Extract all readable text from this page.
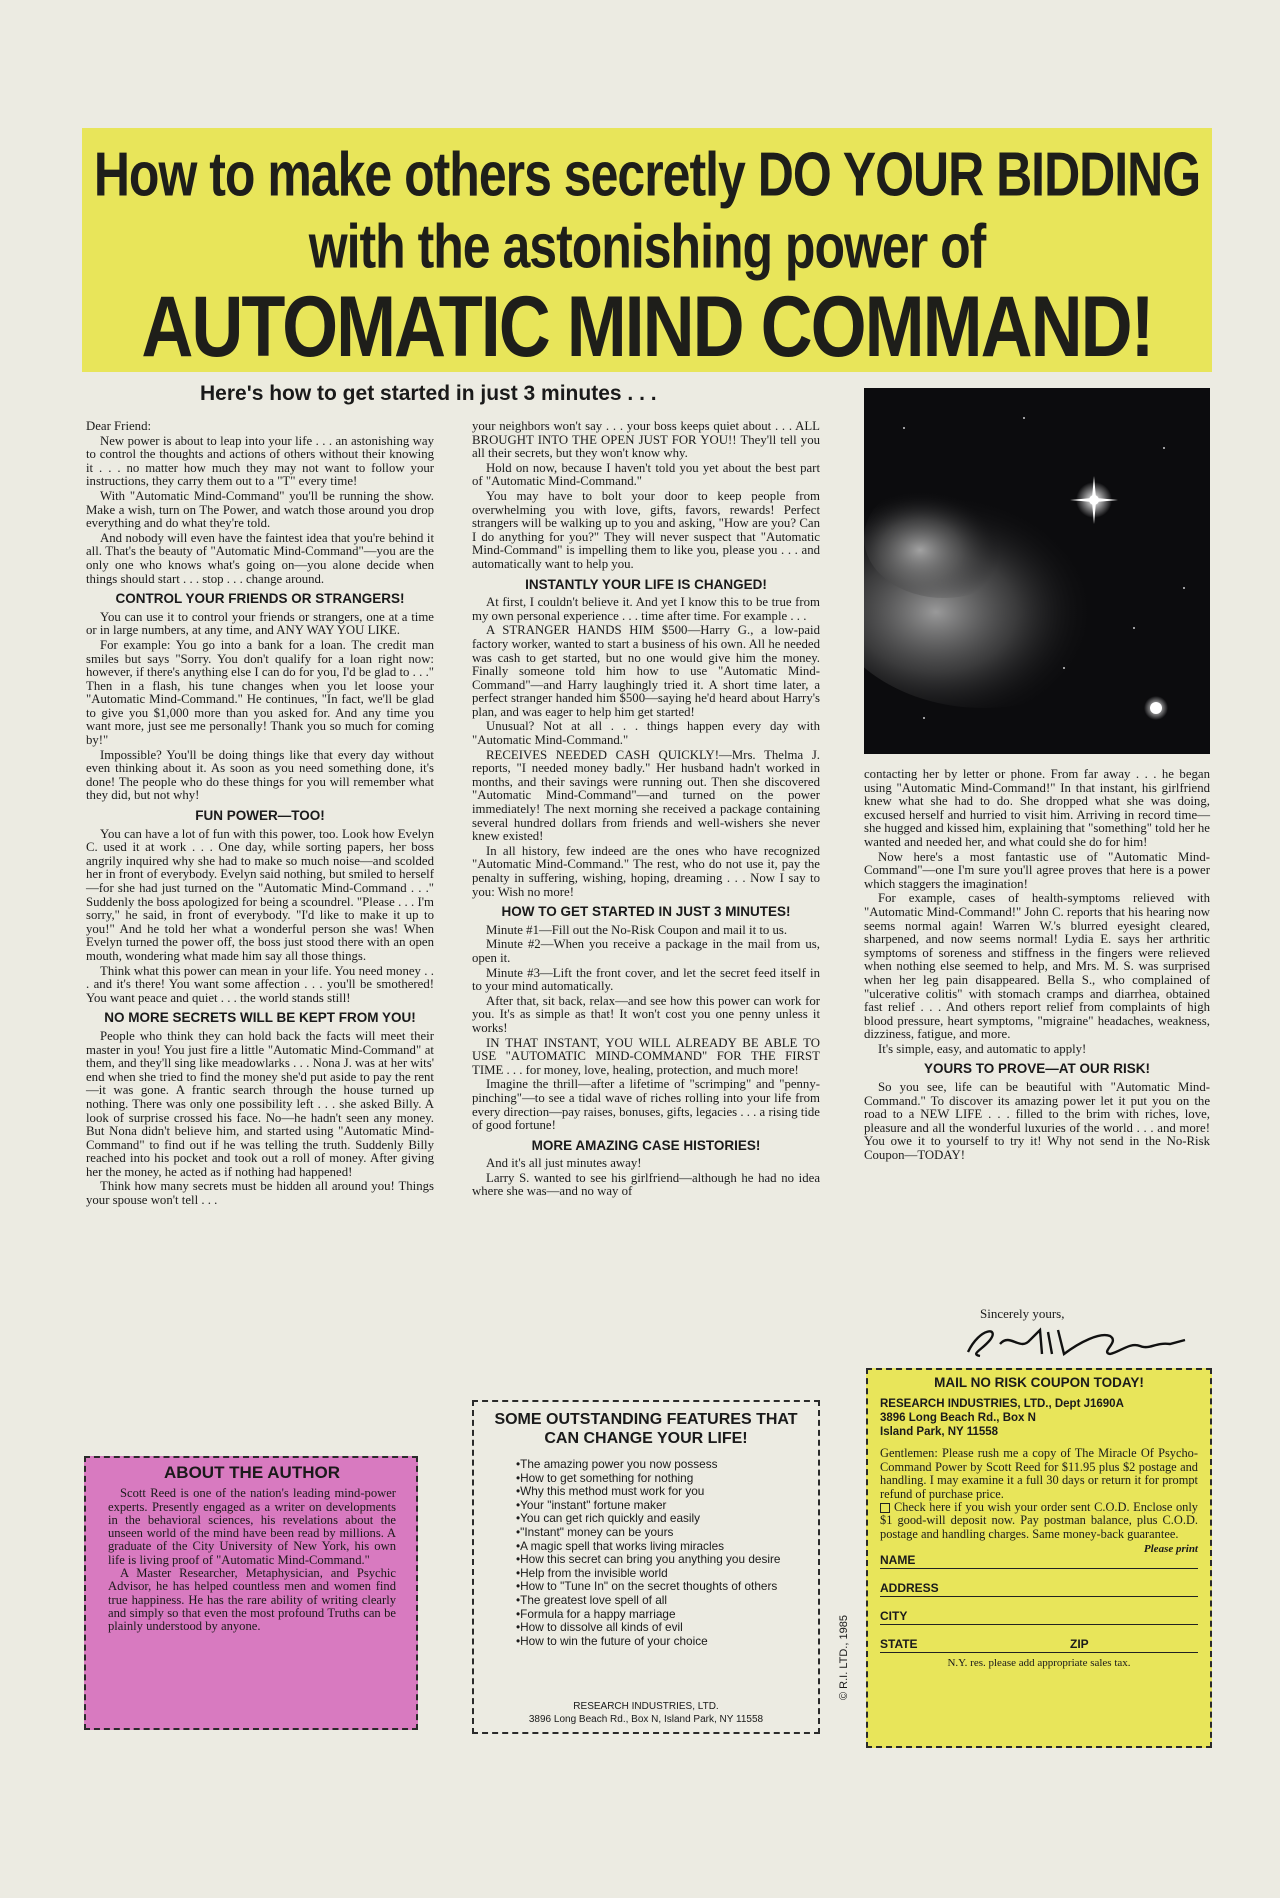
How to make others secretly DO YOUR BIDDING
with the astonishing power of
AUTOMATIC MIND COMMAND!
Here's how to get started in just 3 minutes . . .

Dear Friend:

New power is about to leap into your life . . . an astonishing way to control the thoughts and actions of others without their knowing it . . . no matter how much they may not want to follow your instructions, they carry them out to a "T" every time!

With "Automatic Mind-Command" you'll be running the show. Make a wish, turn on The Power, and watch those around you drop everything and do what they're told.

And nobody will even have the faintest idea that you're behind it all. That's the beauty of "Automatic Mind-Command"—you are the only one who knows what's going on—you alone decide when things should start . . . stop . . . change around.

CONTROL YOUR FRIENDS OR STRANGERS!

You can use it to control your friends or strangers, one at a time or in large numbers, at any time, and ANY WAY YOU LIKE.

For example: You go into a bank for a loan. The credit man smiles but says "Sorry. You don't qualify for a loan right now: however, if there's anything else I can do for you, I'd be glad to . . ." Then in a flash, his tune changes when you let loose your "Automatic Mind-Command." He continues, "In fact, we'll be glad to give you $1,000 more than you asked for. And any time you want more, just see me personally! Thank you so much for coming by!"

Impossible? You'll be doing things like that every day without even thinking about it. As soon as you need something done, it's done! The people who do these things for you will remember what they did, but not why!

FUN POWER—TOO!

You can have a lot of fun with this power, too. Look how Evelyn C. used it at work . . . One day, while sorting papers, her boss angrily inquired why she had to make so much noise—and scolded her in front of everybody. Evelyn said nothing, but smiled to herself—for she had just turned on the "Automatic Mind-Command . . ." Suddenly the boss apologized for being a scoundrel. "Please . . . I'm sorry," he said, in front of everybody. "I'd like to make it up to you!" And he told her what a wonderful person she was! When Evelyn turned the power off, the boss just stood there with an open mouth, wondering what made him say all those things.

Think what this power can mean in your life. You need money . . . and it's there! You want some affection . . . you'll be smothered! You want peace and quiet . . . the world stands still!

NO MORE SECRETS WILL BE KEPT FROM YOU!

People who think they can hold back the facts will meet their master in you! You just fire a little "Automatic Mind-Command" at them, and they'll sing like meadowlarks . . . Nona J. was at her wits' end when she tried to find the money she'd put aside to pay the rent—it was gone. A frantic search through the house turned up nothing. There was only one possibility left . . . she asked Billy. A look of surprise crossed his face. No—he hadn't seen any money. But Nona didn't believe him, and started using "Automatic Mind-Command" to find out if he was telling the truth. Suddenly Billy reached into his pocket and took out a roll of money. After giving her the money, he acted as if nothing had happened!

Think how many secrets must be hidden all around you! Things your spouse won't tell . . .

your neighbors won't say . . . your boss keeps quiet about . . . ALL BROUGHT INTO THE OPEN JUST FOR YOU!! They'll tell you all their secrets, but they won't know why.

Hold on now, because I haven't told you yet about the best part of "Automatic Mind-Command."

You may have to bolt your door to keep people from overwhelming you with love, gifts, favors, rewards! Perfect strangers will be walking up to you and asking, "How are you? Can I do anything for you?" They will never suspect that "Automatic Mind-Command" is impelling them to like you, please you . . . and automatically want to help you.

INSTANTLY YOUR LIFE IS CHANGED!

At first, I couldn't believe it. And yet I know this to be true from my own personal experience . . . time after time. For example . . .

A STRANGER HANDS HIM $500—Harry G., a low-paid factory worker, wanted to start a business of his own. All he needed was cash to get started, but no one would give him the money. Finally someone told him how to use "Automatic Mind-Command"—and Harry laughingly tried it. A short time later, a perfect stranger handed him $500—saying he'd heard about Harry's plan, and was eager to help him get started!

Unusual? Not at all . . . things happen every day with "Automatic Mind-Command."

RECEIVES NEEDED CASH QUICKLY!—Mrs. Thelma J. reports, "I needed money badly." Her husband hadn't worked in months, and their savings were running out. Then she discovered "Automatic Mind-Command"—and turned on the power immediately! The next morning she received a package containing several hundred dollars from friends and well-wishers she never knew existed!

In all history, few indeed are the ones who have recognized "Automatic Mind-Command." The rest, who do not use it, pay the penalty in suffering, wishing, hoping, dreaming . . . Now I say to you: Wish no more!

HOW TO GET STARTED IN JUST 3 MINUTES!

Minute #1—Fill out the No-Risk Coupon and mail it to us.

Minute #2—When you receive a package in the mail from us, open it.

Minute #3—Lift the front cover, and let the secret feed itself in to your mind automatically.

After that, sit back, relax—and see how this power can work for you. It's as simple as that! It won't cost you one penny unless it works!

IN THAT INSTANT, YOU WILL ALREADY BE ABLE TO USE "AUTOMATIC MIND-COMMAND" FOR THE FIRST TIME . . . for money, love, healing, protection, and much more!

Imagine the thrill—after a lifetime of "scrimping" and "penny-pinching"—to see a tidal wave of riches rolling into your life from every direction—pay raises, bonuses, gifts, legacies . . . a rising tide of good fortune!

MORE AMAZING CASE HISTORIES!

And it's all just minutes away!

Larry S. wanted to see his girlfriend—although he had no idea where she was—and no way of

contacting her by letter or phone. From far away . . . he began using "Automatic Mind-Command!" In that instant, his girlfriend knew what she had to do. She dropped what she was doing, excused herself and hurried to visit him. Arriving in record time—she hugged and kissed him, explaining that "something" told her he wanted and needed her, and what could she do for him!

Now here's a most fantastic use of "Automatic Mind-Command"—one I'm sure you'll agree proves that here is a power which staggers the imagination!

For example, cases of health-symptoms relieved with "Automatic Mind-Command!" John C. reports that his hearing now seems normal again! Warren W.'s blurred eyesight cleared, sharpened, and now seems normal! Lydia E. says her arthritic symptoms of soreness and stiffness in the fingers were relieved when nothing else seemed to help, and Mrs. M. S. was surprised when her leg pain disappeared. Bella S., who complained of "ulcerative colitis" with stomach cramps and diarrhea, obtained fast relief . . . And others report relief from complaints of high blood pressure, heart symptoms, "migraine" headaches, weakness, dizziness, fatigue, and more.

It's simple, easy, and automatic to apply!

YOURS TO PROVE—AT OUR RISK!

So you see, life can be beautiful with "Automatic Mind-Command." To discover its amazing power let it put you on the road to a NEW LIFE . . . filled to the brim with riches, love, pleasure and all the wonderful luxuries of the world . . . and more! You owe it to yourself to try it! Why not send in the No-Risk Coupon—TODAY!

Sincerely yours,
ABOUT THE AUTHOR

Scott Reed is one of the nation's leading mind-power experts. Presently engaged as a writer on developments in the behavioral sciences, his revelations about the unseen world of the mind have been read by millions. A graduate of the City University of New York, his own life is living proof of "Automatic Mind-Command."

A Master Researcher, Metaphysician, and Psychic Advisor, he has helped countless men and women find true happiness. He has the rare ability of writing clearly and simply so that even the most profound Truths can be plainly understood by anyone.

SOME OUTSTANDING FEATURES THAT CAN CHANGE YOUR LIFE!
• The amazing power you now possess
• How to get something for nothing
• Why this method must work for you
• Your "instant" fortune maker
• You can get rich quickly and easily
• "Instant" money can be yours
• A magic spell that works living miracles
• How this secret can bring you anything you desire
• Help from the invisible world
• How to "Tune In" on the secret thoughts of others
• The greatest love spell of all
• Formula for a happy marriage
• How to dissolve all kinds of evil
• How to win the future of your choice
RESEARCH INDUSTRIES, LTD.
3896 Long Beach Rd., Box N, Island Park, NY 11558
© R.I. LTD., 1985
MAIL NO RISK COUPON TODAY!
RESEARCH INDUSTRIES, LTD., Dept J1690A
3896 Long Beach Rd., Box N
Island Park, NY 11558

Gentlemen: Please rush me a copy of The Miracle Of Psycho-Command Power by Scott Reed for $11.95 plus $2 postage and handling. I may examine it a full 30 days or return it for prompt refund of purchase price.

Check here if you wish your order sent C.O.D. Enclose only $1 good-will deposit now. Pay postman balance, plus C.O.D. postage and handling charges. Same money-back guarantee.

NAME
Please print
ADDRESS
CITY
STATE	ZIP
N.Y. res. please add appropriate sales tax.
